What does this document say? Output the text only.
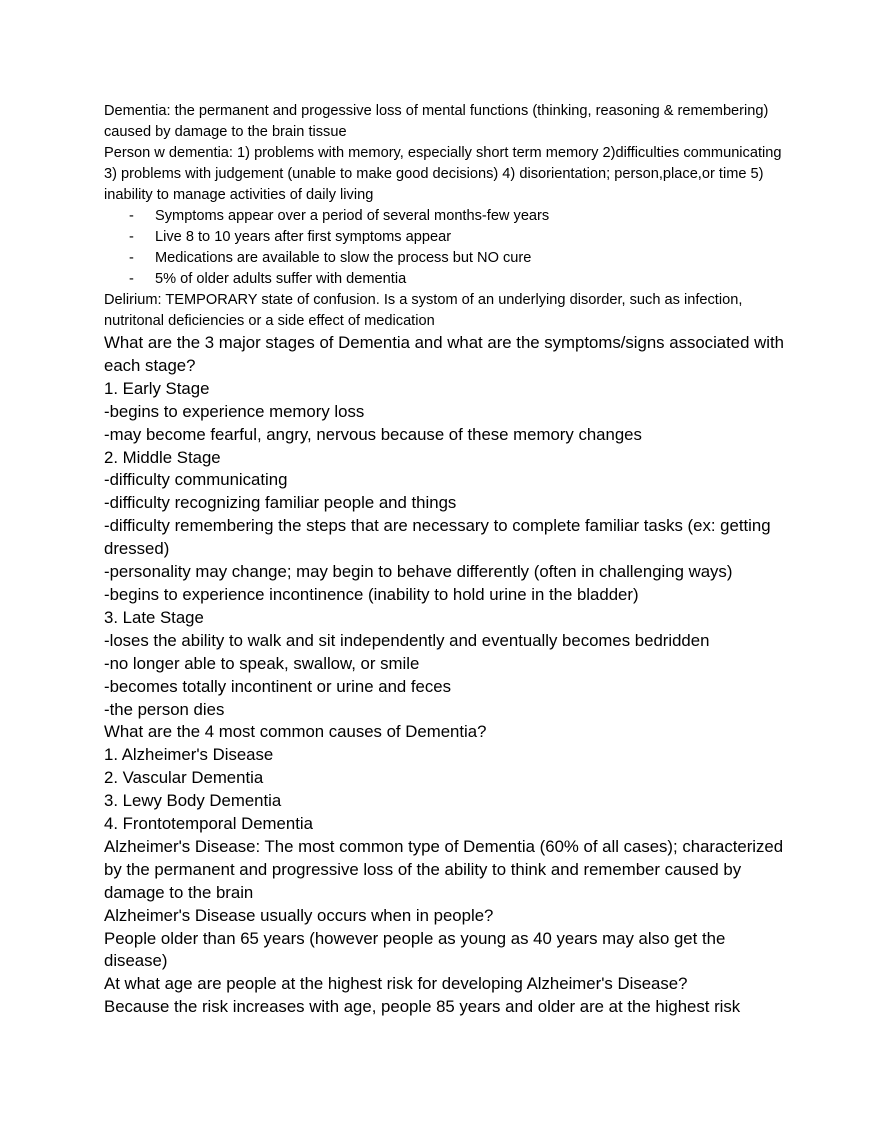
Dementia: the permanent and progessive loss of mental functions (thinking, reasoning & remembering) caused by damage to the brain tissue

Person w dementia: 1) problems with memory, especially short term memory 2)difficulties communicating 3) problems with judgement (unable to make good decisions) 4) disorientation; person,place,or time 5) inability to manage activities of daily living

- Symptoms appear over a period of several months-few years
- Live 8 to 10 years after first symptoms appear
- Medications are available to slow the process but NO cure
- 5% of older adults suffer with dementia

Delirium: TEMPORARY state of confusion. Is a systom of an underlying disorder, such as infection, nutritonal deficiencies or a side effect of medication

What are the 3 major stages of Dementia and what are the symptoms/signs associated with each stage?

1. Early Stage

-begins to experience memory loss

-may become fearful, angry, nervous because of these memory changes

2. Middle Stage

-difficulty communicating

-difficulty recognizing familiar people and things

-difficulty remembering the steps that are necessary to complete familiar tasks (ex: getting dressed)

-personality may change; may begin to behave differently (often in challenging ways)

-begins to experience incontinence (inability to hold urine in the bladder)

3. Late Stage

-loses the ability to walk and sit independently and eventually becomes bedridden

-no longer able to speak, swallow, or smile

-becomes totally incontinent or urine and feces

-the person dies

What are the 4 most common causes of Dementia?

1. Alzheimer's Disease

2. Vascular Dementia

3. Lewy Body Dementia

4. Frontotemporal Dementia

Alzheimer's Disease: The most common type of Dementia (60% of all cases); characterized by the permanent and progressive loss of the ability to think and remember caused by damage to the brain

Alzheimer's Disease usually occurs when in people?

People older than 65 years (however people as young as 40 years may also get the disease)

At what age are people at the highest risk for developing Alzheimer's Disease?

Because the risk increases with age, people 85 years and older are at the highest risk
